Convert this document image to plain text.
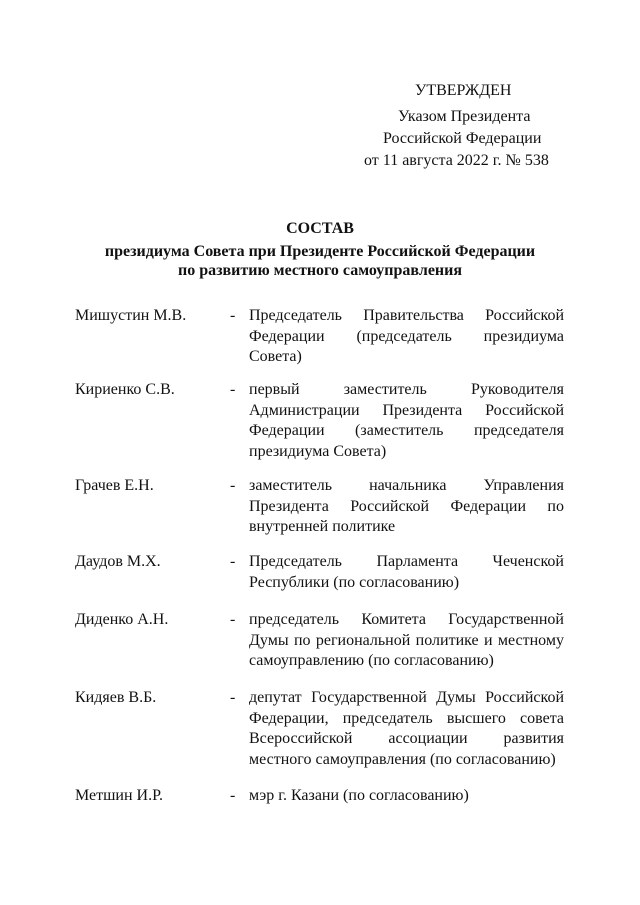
УТВЕРЖДЕН
Указом Президента
Российской Федерации
от 11 августа 2022 г. № 538
СОСТАВ
президиума Совета при Президенте Российской Федерации
по развитию местного самоуправления
Мишустин М.В.	- Председатель Правительства Российской Федерации (председатель президиума Совета)
Кириенко С.В.	- первый заместитель Руководителя Администрации Президента Российской Федерации (заместитель председателя президиума Совета)
Грачев Е.Н.	- заместитель начальника Управления Президента Российской Федерации по внутренней политике
Даудов М.Х.	- Председатель Парламента Чеченской Республики (по согласованию)
Диденко А.Н.	- председатель Комитета Государственной Думы по региональной политике и местному самоуправлению (по согласованию)
Кидяев В.Б.	- депутат Государственной Думы Российской Федерации, председатель высшего совета Всероссийской ассоциации развития местного самоуправления (по согласованию)
Метшин И.Р.	- мэр г. Казани (по согласованию)
